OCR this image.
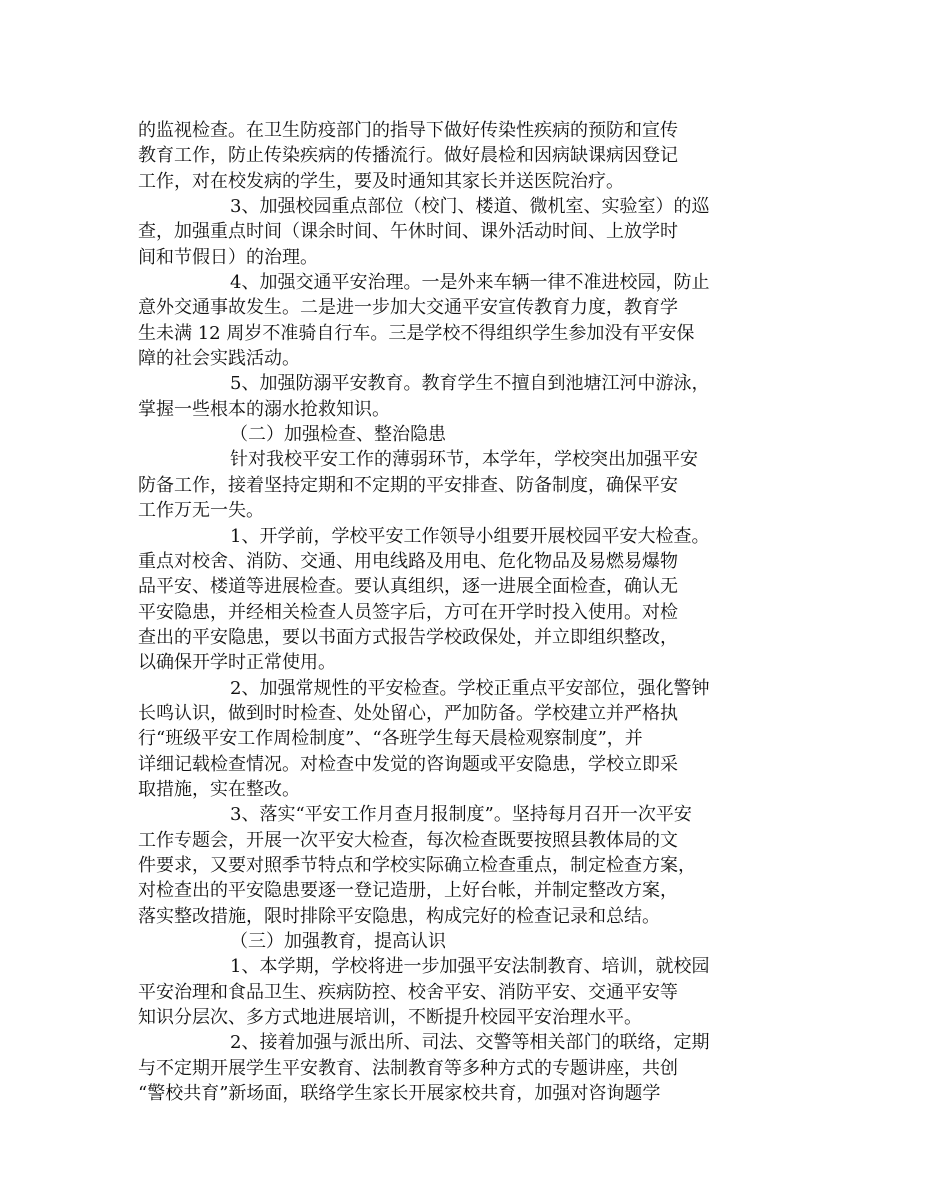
的监视检查。在卫生防疫部门的指导下做好传染性疾病的预防和宣传
教育工作，防止传染疾病的传播流行。做好晨检和因病缺课病因登记
工作，对在校发病的学生，要及时通知其家长并送医院治疗。
3、加强校园重点部位（校门、楼道、微机室、实验室）的巡
查，加强重点时间（课余时间、午休时间、课外活动时间、上放学时
间和节假日）的治理。
4、加强交通平安治理。一是外来车辆一律不准进校园，防止
意外交通事故发生。二是进一步加大交通平安宣传教育力度，教育学
生未满 12 周岁不准骑自行车。三是学校不得组织学生参加没有平安保
障的社会实践活动。
5、加强防溺平安教育。教育学生不擅自到池塘江河中游泳，
掌握一些根本的溺水抢救知识。
（二）加强检查、整治隐患
针对我校平安工作的薄弱环节，本学年，学校突出加强平安
防备工作，接着坚持定期和不定期的平安排查、防备制度，确保平安
工作万无一失。
1、开学前，学校平安工作领导小组要开展校园平安大检查。
重点对校舍、消防、交通、用电线路及用电、危化物品及易燃易爆物
品平安、楼道等进展检查。要认真组织，逐一进展全面检查，确认无
平安隐患，并经相关检查人员签字后，方可在开学时投入使用。对检
查出的平安隐患，要以书面方式报告学校政保处，并立即组织整改，
以确保开学时正常使用。
2、加强常规性的平安检查。学校正重点平安部位，强化警钟
长鸣认识，做到时时检查、处处留心，严加防备。学校建立并严格执
行“班级平安工作周检制度”、“各班学生每天晨检观察制度”，并
详细记载检查情况。对检查中发觉的咨询题或平安隐患，学校立即采
取措施，实在整改。
3、落实“平安工作月查月报制度”。坚持每月召开一次平安
工作专题会，开展一次平安大检查，每次检查既要按照县教体局的文
件要求，又要对照季节特点和学校实际确立检查重点，制定检查方案，
对检查出的平安隐患要逐一登记造册，上好台帐，并制定整改方案，
落实整改措施，限时排除平安隐患，构成完好的检查记录和总结。
（三）加强教育，提高认识
1、本学期，学校将进一步加强平安法制教育、培训，就校园
平安治理和食品卫生、疾病防控、校舍平安、消防平安、交通平安等
知识分层次、多方式地进展培训，不断提升校园平安治理水平。
2、接着加强与派出所、司法、交警等相关部门的联络，定期
与不定期开展学生平安教育、法制教育等多种方式的专题讲座，共创
“警校共育”新场面，联络学生家长开展家校共育，加强对咨询题学
